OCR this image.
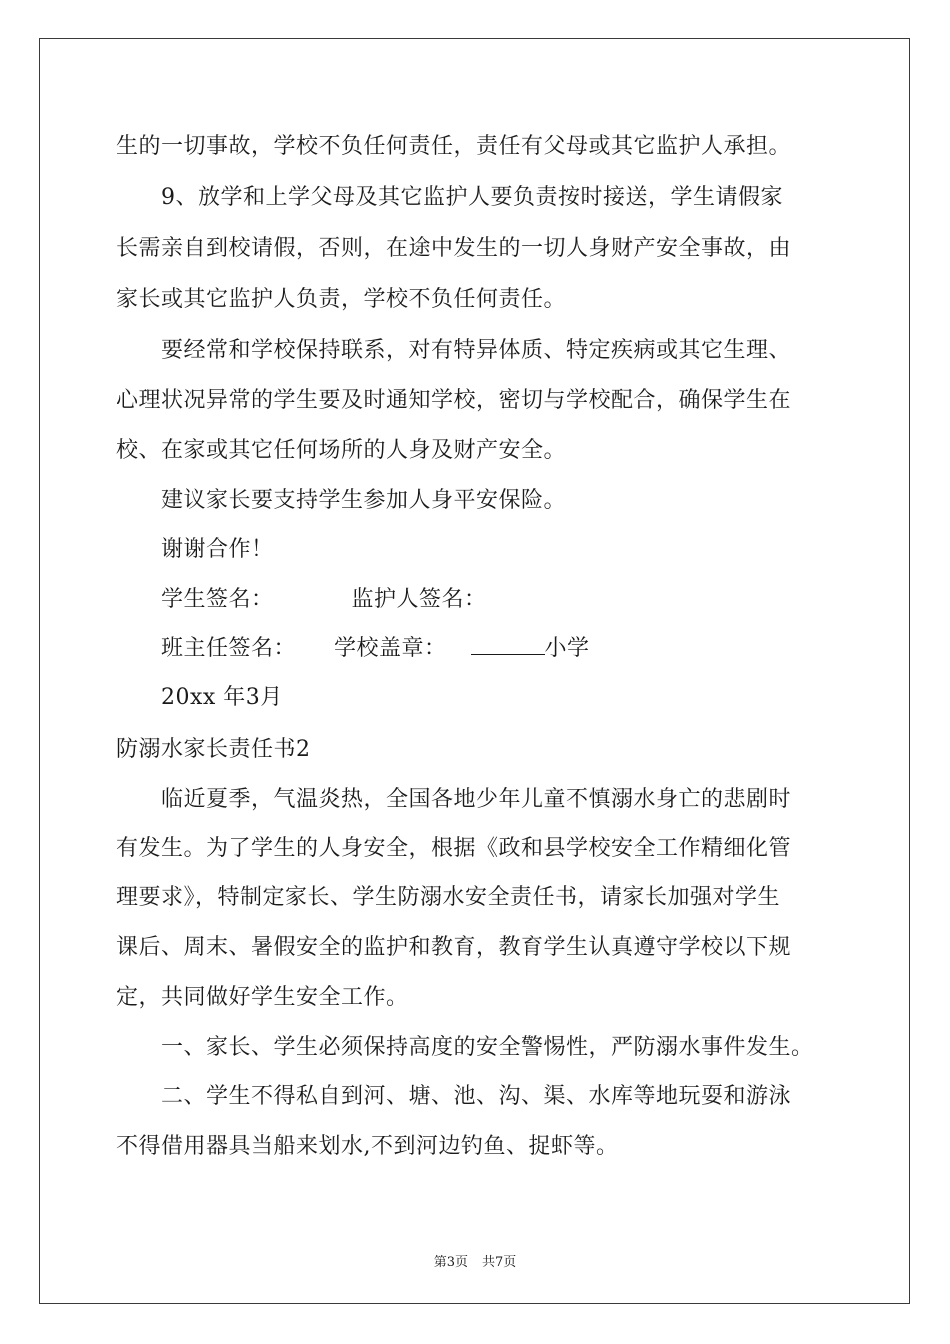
生的一切事故，学校不负任何责任，责任有父母或其它监护人承担。
9、放学和上学父母及其它监护人要负责按时接送，学生请假家
长需亲自到校请假，否则，在途中发生的一切人身财产安全事故，由
家长或其它监护人负责，学校不负任何责任。
要经常和学校保持联系，对有特异体质、特定疾病或其它生理、
心理状况异常的学生要及时通知学校，密切与学校配合，确保学生在
校、在家或其它任何场所的人身及财产安全。
建议家长要支持学生参加人身平安保险。
谢谢合作！
学生签名：	监护人签名：
班主任签名： 学校盖章：	小学
20xx 年3月
防溺水家长责任书2
临近夏季，气温炎热，全国各地少年儿童不慎溺水身亡的悲剧时
有发生。为了学生的人身安全，根据《政和县学校安全工作精细化管
理要求》，特制定家长、学生防溺水安全责任书，请家长加强对学生
课后、周末、暑假安全的监护和教育，教育学生认真遵守学校以下规
定，共同做好学生安全工作。
一、家长、学生必须保持高度的安全警惕性，严防溺水事件发生。
二、学生不得私自到河、塘、池、沟、渠、水库等地玩耍和游泳
不得借用器具当船来划水,不到河边钓鱼、捉虾等。
第3页 共7页
